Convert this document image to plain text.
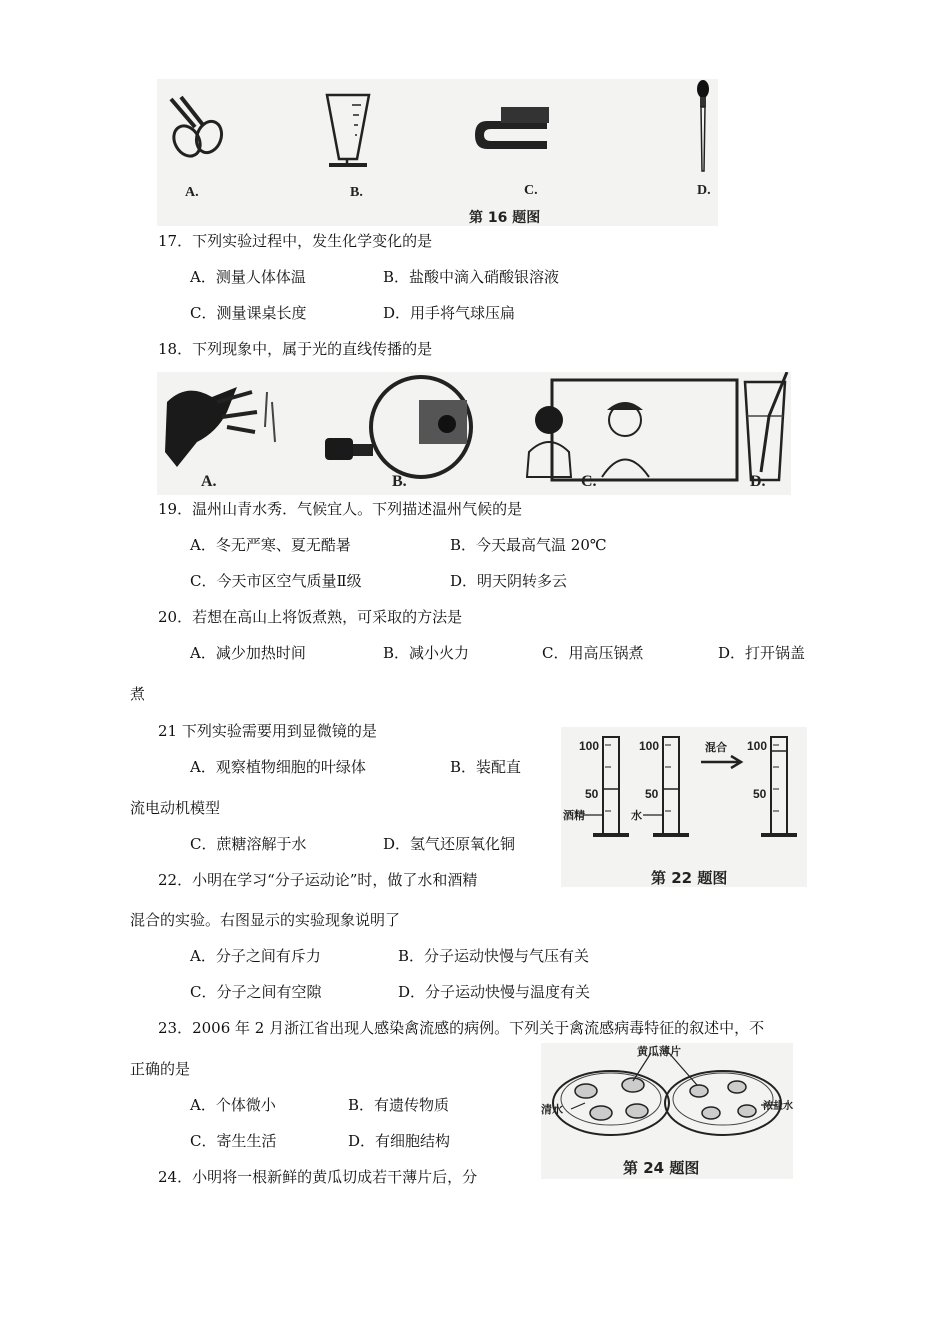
A.	B.	C.	D.
第 16 题图
17．下列实验过程中，发生化学变化的是
A．测量人体体温	B．盐酸中滴入硝酸银溶液
C．测量课桌长度	D．用手将气球压扁
18．下列现象中，属于光的直线传播的是
A.	B.	C.	D.
19．温州山青水秀．气候宜人。下列描述温州气候的是
A．冬无严寒、夏无酷暑	B．今天最高气温 20℃
C．今天市区空气质量Ⅱ级	D．明天阴转多云
20．若想在高山上将饭煮熟，可采取的方法是
A．减少加热时间	B．减小火力	C．用高压锅煮	D．打开锅盖
煮
21 下列实验需要用到显微镜的是
A．观察植物细胞的叶绿体	B．装配直
流电动机模型
C．蔗糖溶解于水	D．氢气还原氧化铜
100
50
100
50
100
50
酒精	水
混合
第 22 题图
22．小明在学习“分子运动论”时，做了水和酒精
混合的实验。右图显示的实验现象说明了
A．分子之间有斥力	B．分子运动快慢与气压有关
C．分子之间有空隙	D．分子运动快慢与温度有关
23．2006 年 2 月浙江省出现人感染禽流感的病例。下列关于禽流感病毒特征的叙述中，不
正确的是
A．个体微小	B．有遗传物质
C．寄生生活	D．有细胞结构
黄瓜薄片
清水	浓盐水
第 24 题图
24．小明将一根新鲜的黄瓜切成若干薄片后，分
